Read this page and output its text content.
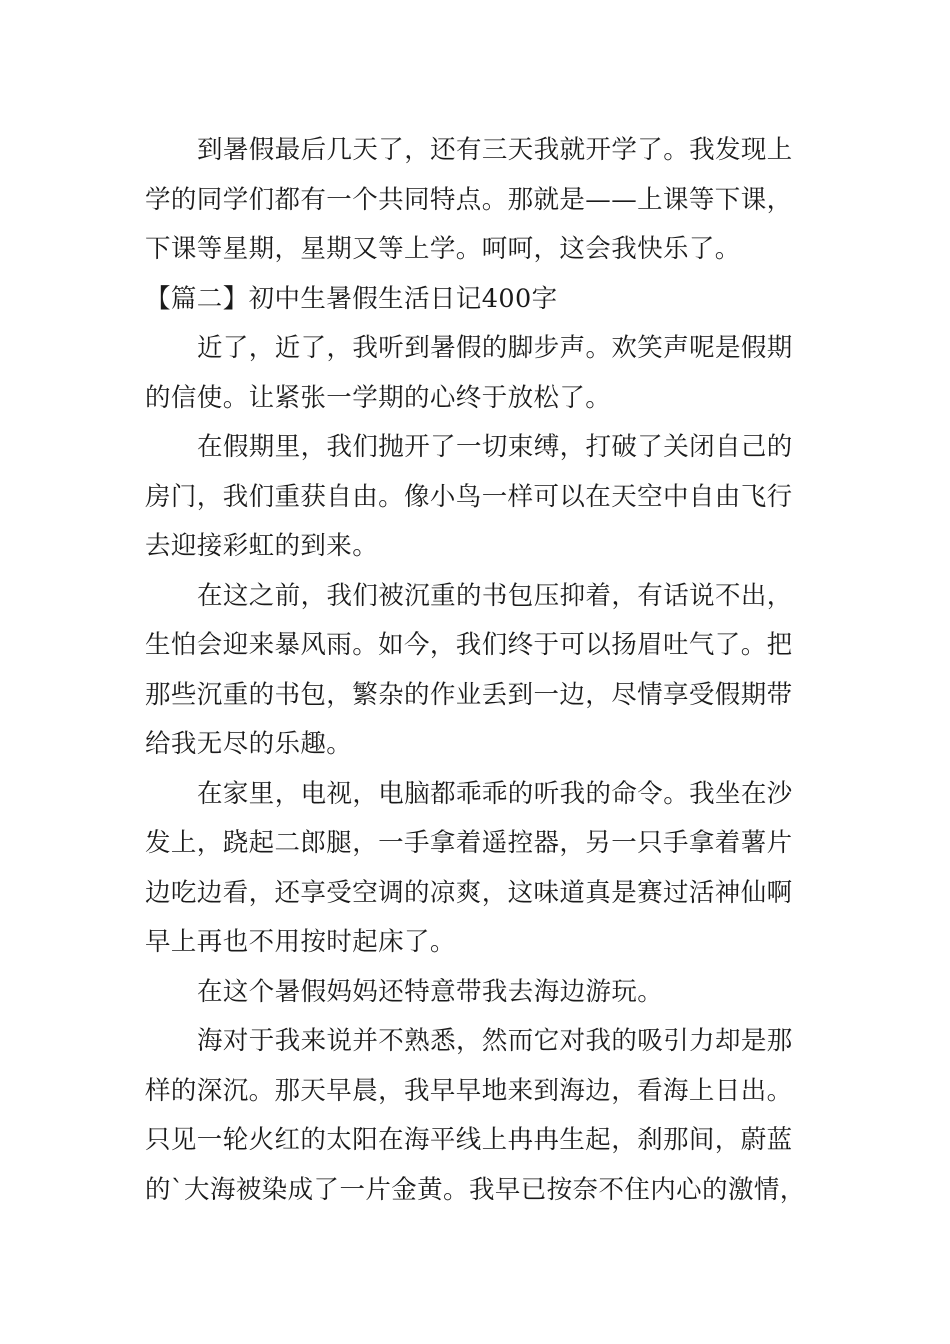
到暑假最后几天了，还有三天我就开学了。我发现上
学的同学们都有一个共同特点。那就是——上课等下课，
下课等星期，星期又等上学。呵呵，这会我快乐了。
【篇二】初中生暑假生活日记400字
近了，近了，我听到暑假的脚步声。欢笑声呢是假期
的信使。让紧张一学期的心终于放松了。
在假期里，我们抛开了一切束缚，打破了关闭自己的
房门，我们重获自由。像小鸟一样可以在天空中自由飞行
去迎接彩虹的到来。
在这之前，我们被沉重的书包压抑着，有话说不出，
生怕会迎来暴风雨。如今，我们终于可以扬眉吐气了。把
那些沉重的书包，繁杂的作业丢到一边，尽情享受假期带
给我无尽的乐趣。
在家里，电视，电脑都乖乖的听我的命令。我坐在沙
发上，跷起二郎腿，一手拿着遥控器，另一只手拿着薯片
边吃边看，还享受空调的凉爽，这味道真是赛过活神仙啊
早上再也不用按时起床了。
在这个暑假妈妈还特意带我去海边游玩。
海对于我来说并不熟悉，然而它对我的吸引力却是那
样的深沉。那天早晨，我早早地来到海边，看海上日出。
只见一轮火红的太阳在海平线上冉冉生起，刹那间，蔚蓝
的`大海被染成了一片金黄。我早已按奈不住内心的激情，
